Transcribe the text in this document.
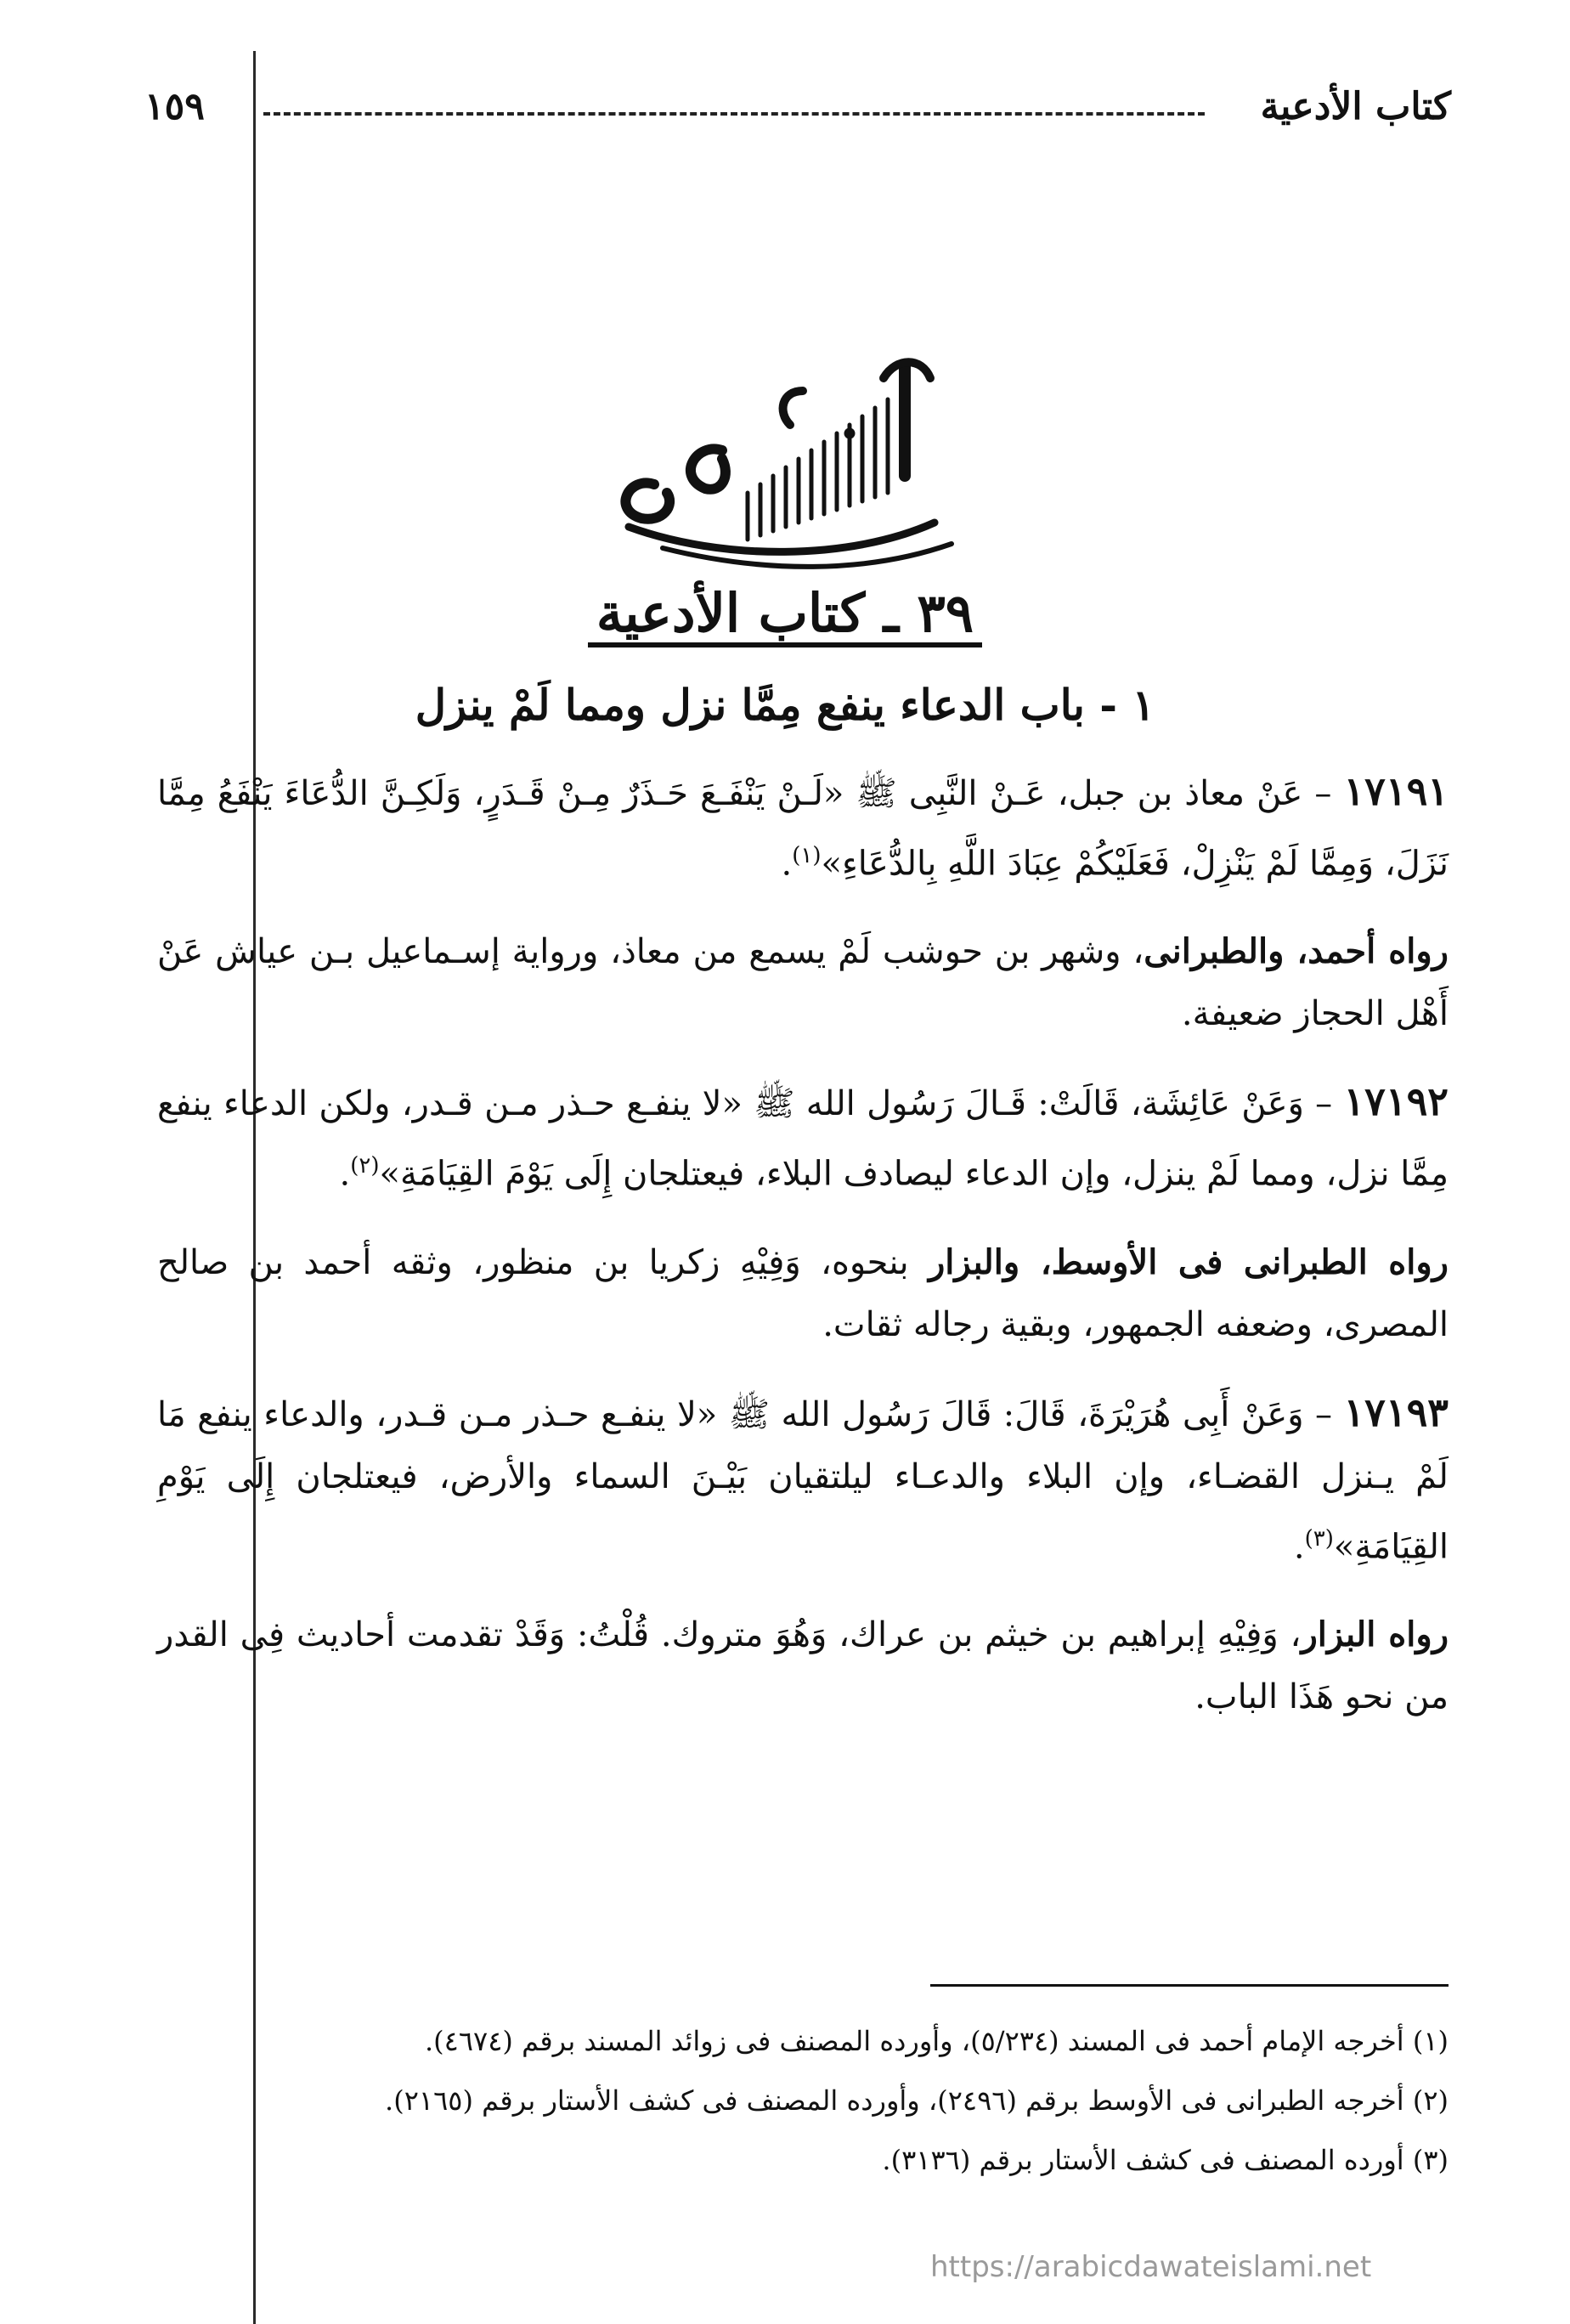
كتاب الأدعية
١٥٩
٣٩ ـ كتاب الأدعية
١ - باب الدعاء ينفع مِمَّا نزل ومما لَمْ ينزل

١٧١٩١ – عَنْ معاذ بن جبل، عَـنْ النَّبِى ﷺ «لَـنْ يَنْفَـعَ حَـذَرٌ مِـنْ قَـدَرٍ، وَلَكِـنَّ الدُّعَاءَ يَنْفَعُ مِمَّا نَزَلَ، وَمِمَّا لَمْ يَنْزِلْ، فَعَلَيْكُمْ عِبَادَ اللَّهِ بِالدُّعَاءِ»$^{(١)}$.

رواه أحمد، والطبرانى، وشهر بن حوشب لَمْ يسمع من معاذ، ورواية إسـماعيل بـن عياش عَنْ أَهْل الحجاز ضعيفة.

١٧١٩٢ – وَعَنْ عَائِشَة، قَالَتْ: قَـالَ رَسُول الله ﷺ «لا ينفـع حـذر مـن قـدر، ولكن الدعاء ينفع مِمَّا نزل، ومما لَمْ ينزل، وإن الدعاء ليصادف البلاء، فيعتلجان إِلَى يَوْمَ القِيَامَةِ»$^{(٢)}$.

رواه الطبرانى فى الأوسط، والبزار بنحوه، وَفِيْهِ زكريا بن منظور، وثقه أحمد بن صالح المصرى، وضعفه الجمهور، وبقية رجاله ثقات.

١٧١٩٣ – وَعَنْ أَبِى هُرَيْرَةَ، قَالَ: قَالَ رَسُول الله ﷺ «لا ينفـع حـذر مـن قـدر، والدعاء ينفع مَا لَمْ يـنزل القضـاء، وإن البلاء والدعـاء ليلتقيان بَيْـنَ السماء والأرض، فيعتلجان إِلَى يَوْمِ القِيَامَةِ»$^{(٣)}$.

رواه البزار، وَفِيْهِ إبراهيم بن خيثم بن عراك، وَهُوَ متروك. قُلْتُ: وَقَدْ تقدمت أحاديث فِى القدر من نحو هَذَا الباب.

(١) أخرجه الإمام أحمد فى المسند (٥/٢٣٤)، وأورده المصنف فى زوائد المسند برقم (٤٦٧٤).

(٢) أخرجه الطبرانى فى الأوسط برقم (٢٤٩٦)، وأورده المصنف فى كشف الأستار برقم (٢١٦٥).

(٣) أورده المصنف فى كشف الأستار برقم (٣١٣٦).

https://arabicdawateislami.net
